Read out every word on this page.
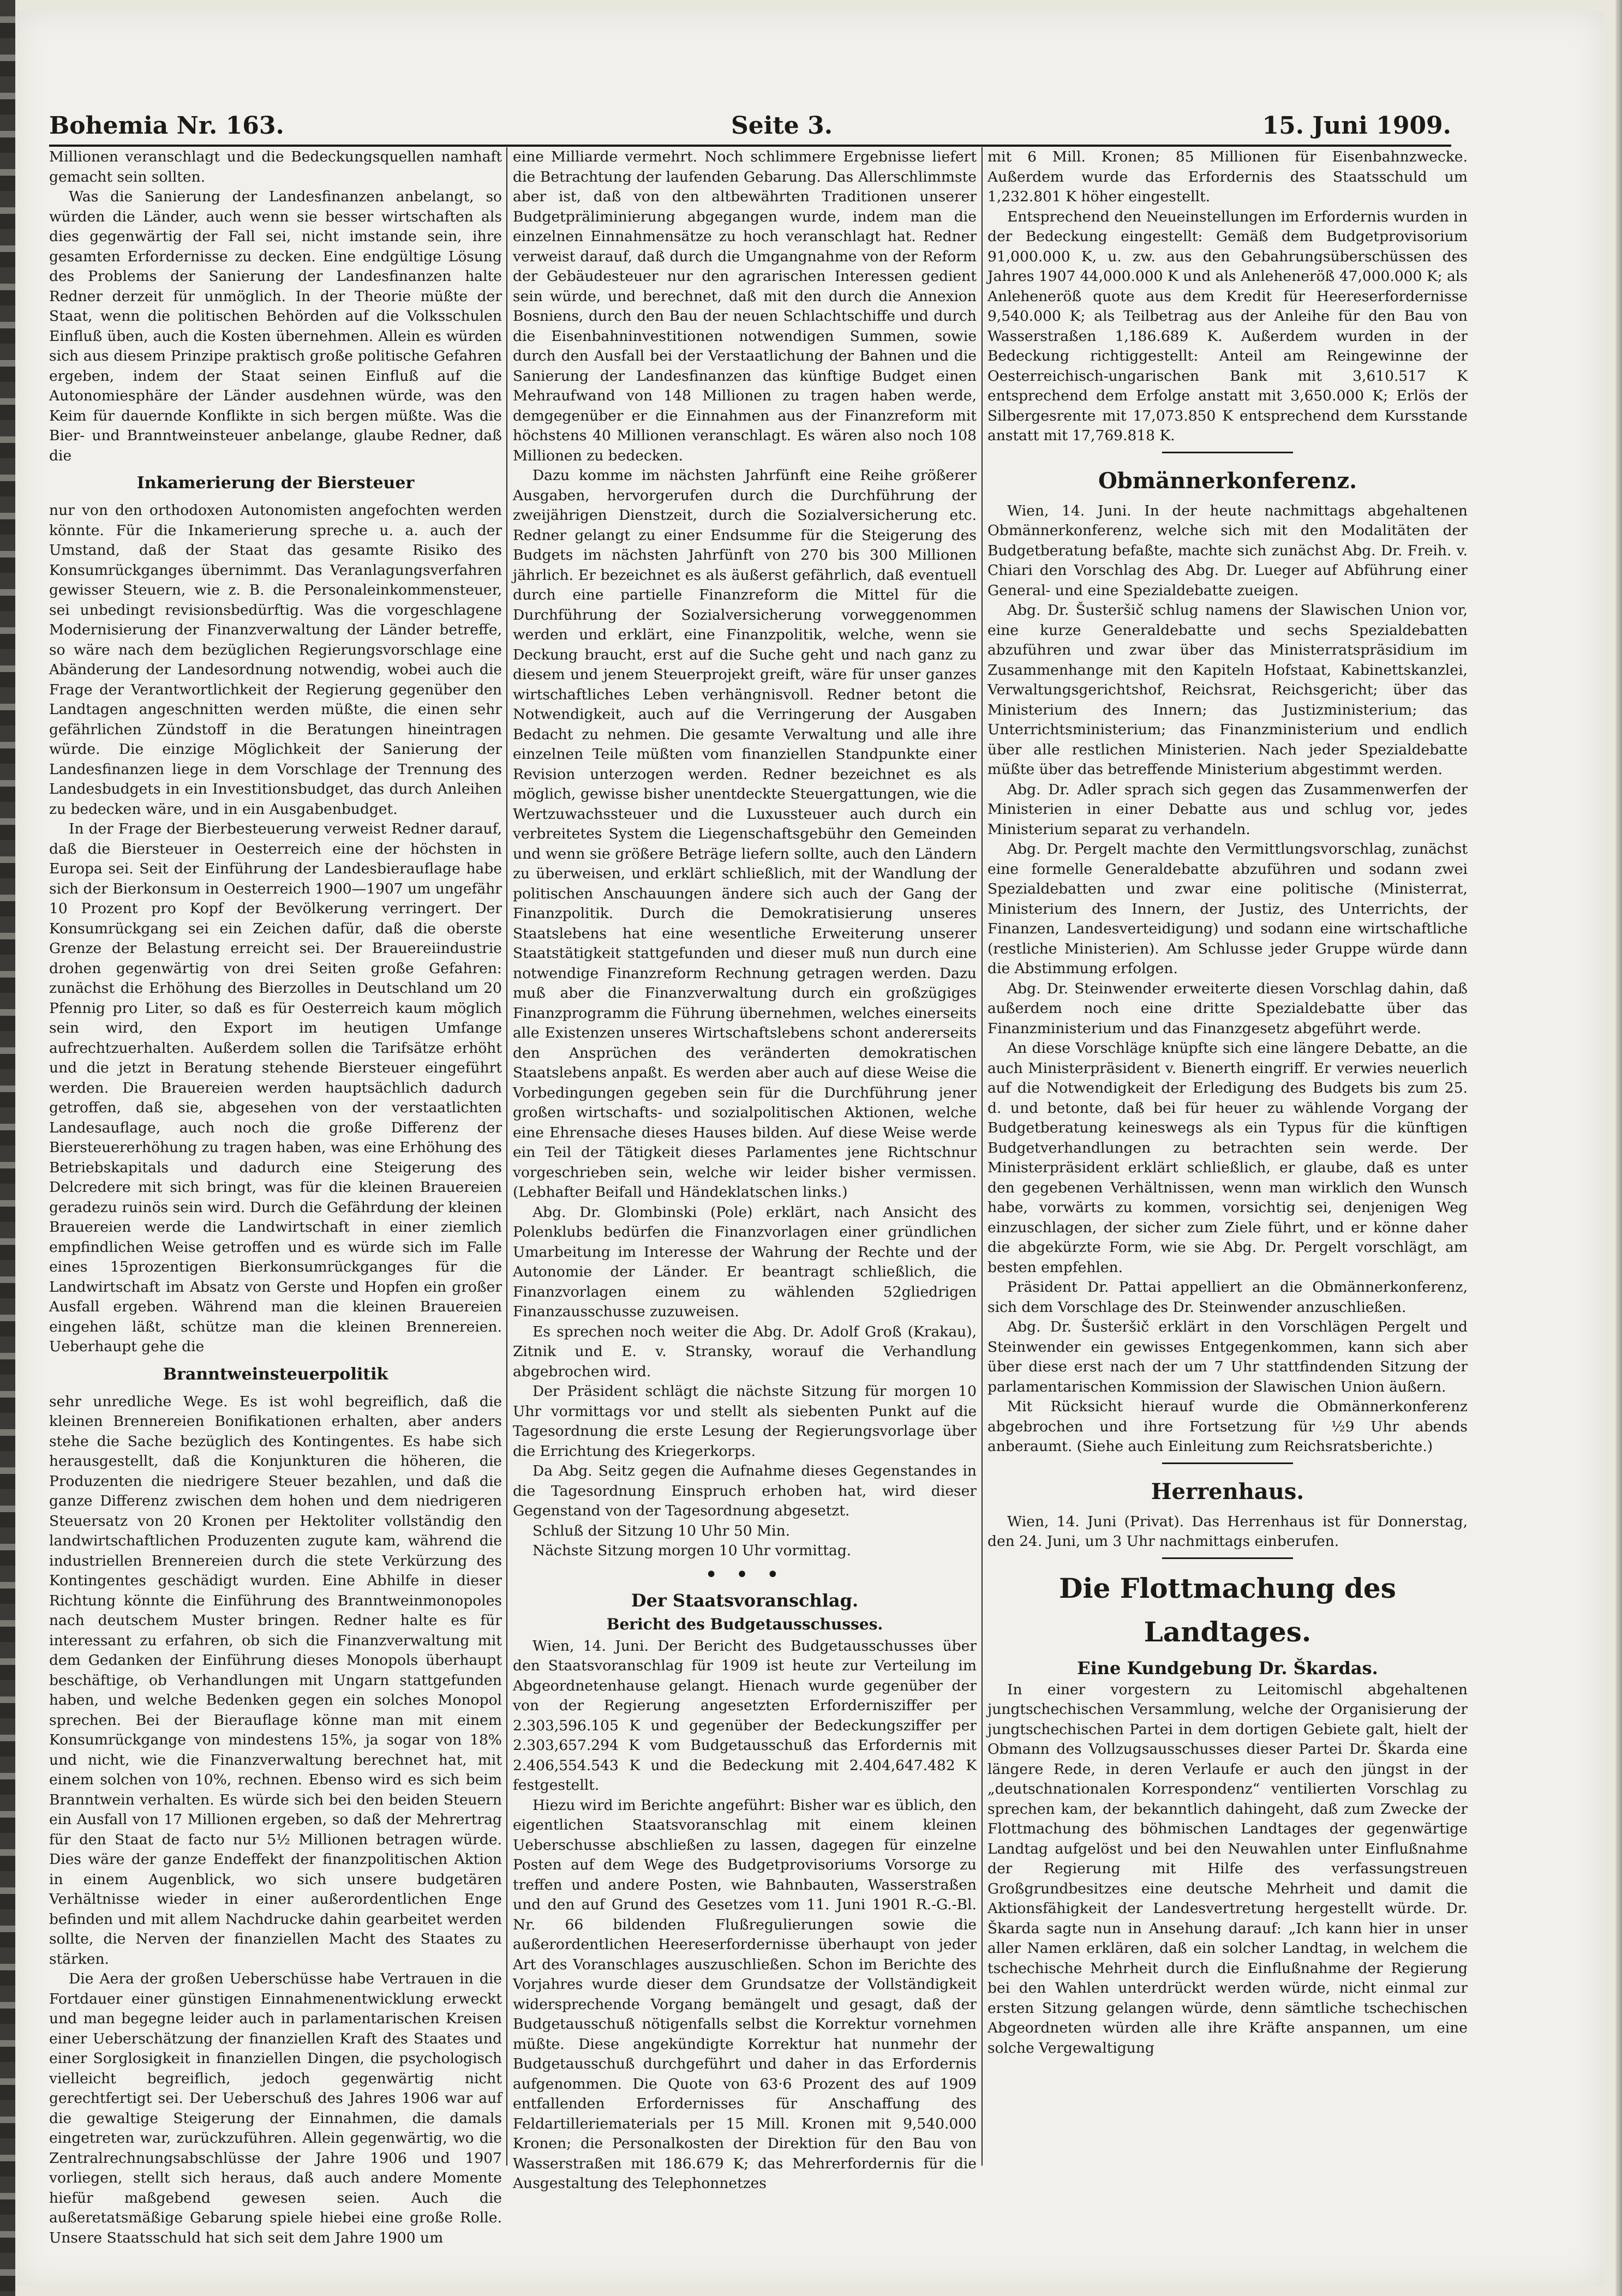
Bohemia Nr. 163.	Seite 3.	15. Juni 1909.

Millionen veranschlagt und die Bedeckungsquellen namhaft gemacht sein sollten.

Was die Sanierung der Landesfinanzen anbelangt, so würden die Länder, auch wenn sie besser wirtschaften als dies gegenwärtig der Fall sei, nicht imstande sein, ihre gesamten Erfordernisse zu decken. Eine endgültige Lösung des Problems der Sanierung der Landesfinanzen halte Redner derzeit für unmöglich. In der Theorie müßte der Staat, wenn die politischen Behörden auf die Volksschulen Einfluß üben, auch die Kosten übernehmen. Allein es würden sich aus diesem Prinzipe praktisch große politische Gefahren ergeben, indem der Staat seinen Einfluß auf die Autonomiesphäre der Länder ausdehnen würde, was den Keim für dauernde Konflikte in sich bergen müßte. Was die Bier- und Branntweinsteuer anbelange, glaube Redner, daß die

Inkamerierung der Biersteuer

nur von den orthodoxen Autonomisten angefochten werden könnte. Für die Inkamerierung spreche u. a. auch der Umstand, daß der Staat das gesamte Risiko des Konsumrückganges übernimmt. Das Veranlagungsverfahren gewisser Steuern, wie z. B. die Personaleinkommensteuer, sei unbedingt revisionsbedürftig. Was die vorgeschlagene Modernisierung der Finanzverwaltung der Länder betreffe, so wäre nach dem bezüglichen Regierungsvorschlage eine Abänderung der Landesordnung notwendig, wobei auch die Frage der Verantwortlichkeit der Regierung gegenüber den Landtagen angeschnitten werden müßte, die einen sehr gefährlichen Zündstoff in die Beratungen hineintragen würde. Die einzige Möglichkeit der Sanierung der Landesfinanzen liege in dem Vorschlage der Trennung des Landesbudgets in ein Investitionsbudget, das durch Anleihen zu bedecken wäre, und in ein Ausgabenbudget.

In der Frage der Bierbesteuerung verweist Redner darauf, daß die Biersteuer in Oesterreich eine der höchsten in Europa sei. Seit der Einführung der Landesbierauflage habe sich der Bierkonsum in Oesterreich 1900—1907 um ungefähr 10 Prozent pro Kopf der Bevölkerung verringert. Der Konsumrückgang sei ein Zeichen dafür, daß die oberste Grenze der Belastung erreicht sei. Der Brauereiindustrie drohen gegenwärtig von drei Seiten große Gefahren: zunächst die Erhöhung des Bierzolles in Deutschland um 20 Pfennig pro Liter, so daß es für Oesterreich kaum möglich sein wird, den Export im heutigen Umfange aufrechtzuerhalten. Außerdem sollen die Tarifsätze erhöht und die jetzt in Beratung stehende Biersteuer eingeführt werden. Die Brauereien werden hauptsächlich dadurch getroffen, daß sie, abgesehen von der verstaatlichten Landesauflage, auch noch die große Differenz der Biersteuererhöhung zu tragen haben, was eine Erhöhung des Betriebskapitals und dadurch eine Steigerung des Delcredere mit sich bringt, was für die kleinen Brauereien geradezu ruinös sein wird. Durch die Gefährdung der kleinen Brauereien werde die Landwirtschaft in einer ziemlich empfindlichen Weise getroffen und es würde sich im Falle eines 15prozentigen Bierkonsumrückganges für die Landwirtschaft im Absatz von Gerste und Hopfen ein großer Ausfall ergeben. Während man die kleinen Brauereien eingehen läßt, schütze man die kleinen Brennereien. Ueberhaupt gehe die

Branntweinsteuerpolitik

sehr unredliche Wege. Es ist wohl begreiflich, daß die kleinen Brennereien Bonifikationen erhalten, aber anders stehe die Sache bezüglich des Kontingentes. Es habe sich herausgestellt, daß die Konjunkturen die höheren, die Produzenten die niedrigere Steuer bezahlen, und daß die ganze Differenz zwischen dem hohen und dem niedrigeren Steuersatz von 20 Kronen per Hektoliter vollständig den landwirtschaftlichen Produzenten zugute kam, während die industriellen Brennereien durch die stete Verkürzung des Kontingentes geschädigt wurden. Eine Abhilfe in dieser Richtung könnte die Einführung des Branntweinmonopoles nach deutschem Muster bringen. Redner halte es für interessant zu erfahren, ob sich die Finanzverwaltung mit dem Gedanken der Einführung dieses Monopols überhaupt beschäftige, ob Verhandlungen mit Ungarn stattgefunden haben, und welche Bedenken gegen ein solches Monopol sprechen. Bei der Bierauflage könne man mit einem Konsumrückgange von mindestens 15%, ja sogar von 18% und nicht, wie die Finanzverwaltung berechnet hat, mit einem solchen von 10%, rechnen. Ebenso wird es sich beim Branntwein verhalten. Es würde sich bei den beiden Steuern ein Ausfall von 17 Millionen ergeben, so daß der Mehrertrag für den Staat de facto nur 5½ Millionen betragen würde. Dies wäre der ganze Endeffekt der finanzpolitischen Aktion in einem Augenblick, wo sich unsere budgetären Verhältnisse wieder in einer außerordentlichen Enge befinden und mit allem Nachdrucke dahin gearbeitet werden sollte, die Nerven der finanziellen Macht des Staates zu stärken.

Die Aera der großen Ueberschüsse habe Vertrauen in die Fortdauer einer günstigen Einnahmenentwicklung erweckt und man begegne leider auch in parlamentarischen Kreisen einer Ueberschätzung der finanziellen Kraft des Staates und einer Sorglosigkeit in finanziellen Dingen, die psychologisch vielleicht begreiflich, jedoch gegenwärtig nicht gerechtfertigt sei. Der Ueberschuß des Jahres 1906 war auf die gewaltige Steigerung der Einnahmen, die damals eingetreten war, zurückzuführen. Allein gegenwärtig, wo die Zentralrechnungsabschlüsse der Jahre 1906 und 1907 vorliegen, stellt sich heraus, daß auch andere Momente hiefür maßgebend gewesen seien. Auch die außeretatsmäßige Gebarung spiele hiebei eine große Rolle. Unsere Staatsschuld hat sich seit dem Jahre 1900 um

eine Milliarde vermehrt. Noch schlimmere Ergebnisse liefert die Betrachtung der laufenden Gebarung. Das Allerschlimmste aber ist, daß von den altbewährten Traditionen unserer Budgetpräliminierung abgegangen wurde, indem man die einzelnen Einnahmensätze zu hoch veranschlagt hat. Redner verweist darauf, daß durch die Umgangnahme von der Reform der Gebäudesteuer nur den agrarischen Interessen gedient sein würde, und berechnet, daß mit den durch die Annexion Bosniens, durch den Bau der neuen Schlachtschiffe und durch die Eisenbahninvestitionen notwendigen Summen, sowie durch den Ausfall bei der Verstaatlichung der Bahnen und die Sanierung der Landesfinanzen das künftige Budget einen Mehraufwand von 148 Millionen zu tragen haben werde, demgegenüber er die Einnahmen aus der Finanzreform mit höchstens 40 Millionen veranschlagt. Es wären also noch 108 Millionen zu bedecken.

Dazu komme im nächsten Jahrfünft eine Reihe größerer Ausgaben, hervorgerufen durch die Durchführung der zweijährigen Dienstzeit, durch die Sozialversicherung etc. Redner gelangt zu einer Endsumme für die Steigerung des Budgets im nächsten Jahrfünft von 270 bis 300 Millionen jährlich. Er bezeichnet es als äußerst gefährlich, daß eventuell durch eine partielle Finanzreform die Mittel für die Durchführung der Sozialversicherung vorweggenommen werden und erklärt, eine Finanzpolitik, welche, wenn sie Deckung braucht, erst auf die Suche geht und nach ganz zu diesem und jenem Steuerprojekt greift, wäre für unser ganzes wirtschaftliches Leben verhängnisvoll. Redner betont die Notwendigkeit, auch auf die Verringerung der Ausgaben Bedacht zu nehmen. Die gesamte Verwaltung und alle ihre einzelnen Teile müßten vom finanziellen Standpunkte einer Revision unterzogen werden. Redner bezeichnet es als möglich, gewisse bisher unentdeckte Steuergattungen, wie die Wertzuwachssteuer und die Luxussteuer auch durch ein verbreitetes System die Liegenschaftsgebühr den Gemeinden und wenn sie größere Beträge liefern sollte, auch den Ländern zu überweisen, und erklärt schließlich, mit der Wandlung der politischen Anschauungen ändere sich auch der Gang der Finanzpolitik. Durch die Demokratisierung unseres Staatslebens hat eine wesentliche Erweiterung unserer Staatstätigkeit stattgefunden und dieser muß nun durch eine notwendige Finanzreform Rechnung getragen werden. Dazu muß aber die Finanzverwaltung durch ein großzügiges Finanzprogramm die Führung übernehmen, welches einerseits alle Existenzen unseres Wirtschaftslebens schont andererseits den Ansprüchen des veränderten demokratischen Staatslebens anpaßt. Es werden aber auch auf diese Weise die Vorbedingungen gegeben sein für die Durchführung jener großen wirtschafts- und sozialpolitischen Aktionen, welche eine Ehrensache dieses Hauses bilden. Auf diese Weise werde ein Teil der Tätigkeit dieses Parlamentes jene Richtschnur vorgeschrieben sein, welche wir leider bisher vermissen. (Lebhafter Beifall und Händeklatschen links.)

Abg. Dr. Glombinski (Pole) erklärt, nach Ansicht des Polenklubs bedürfen die Finanzvorlagen einer gründlichen Umarbeitung im Interesse der Wahrung der Rechte und der Autonomie der Länder. Er beantragt schließlich, die Finanzvorlagen einem zu wählenden 52gliedrigen Finanzausschusse zuzuweisen.

Es sprechen noch weiter die Abg. Dr. Adolf Groß (Krakau), Zitnik und E. v. Stransky, worauf die Verhandlung abgebrochen wird.

Der Präsident schlägt die nächste Sitzung für morgen 10 Uhr vormittags vor und stellt als siebenten Punkt auf die Tagesordnung die erste Lesung der Regierungsvorlage über die Errichtung des Kriegerkorps.

Da Abg. Seitz gegen die Aufnahme dieses Gegenstandes in die Tagesordnung Einspruch erhoben hat, wird dieser Gegenstand von der Tagesordnung abgesetzt.

Schluß der Sitzung 10 Uhr 50 Min.

Nächste Sitzung morgen 10 Uhr vormittag.

• • •
Der Staatsvoranschlag.
Bericht des Budgetausschusses.

Wien, 14. Juni. Der Bericht des Budgetausschusses über den Staatsvoranschlag für 1909 ist heute zur Verteilung im Abgeordnetenhause gelangt. Hienach wurde gegenüber der von der Regierung angesetzten Erfordernisziffer per 2.303,596.105 K und gegenüber der Bedeckungsziffer per 2.303,657.294 K vom Budgetausschuß das Erfordernis mit 2.406,554.543 K und die Bedeckung mit 2.404,647.482 K festgestellt.

Hiezu wird im Berichte angeführt: Bisher war es üblich, den eigentlichen Staatsvoranschlag mit einem kleinen Ueberschusse abschließen zu lassen, dagegen für einzelne Posten auf dem Wege des Budgetprovisoriums Vorsorge zu treffen und andere Posten, wie Bahnbauten, Wasserstraßen und den auf Grund des Gesetzes vom 11. Juni 1901 R.-G.-Bl. Nr. 66 bildenden Flußregulierungen sowie die außerordentlichen Heereserfordernisse überhaupt von jeder Art des Voranschlages auszuschließen. Schon im Berichte des Vorjahres wurde dieser dem Grundsatze der Vollständigkeit widersprechende Vorgang bemängelt und gesagt, daß der Budgetausschuß nötigenfalls selbst die Korrektur vornehmen müßte. Diese angekündigte Korrektur hat nunmehr der Budgetausschuß durchgeführt und daher in das Erfordernis aufgenommen. Die Quote von 63·6 Prozent des auf 1909 entfallenden Erfordernisses für Anschaffung des Feldartilleriematerials per 15 Mill. Kronen mit 9,540.000 Kronen; die Personalkosten der Direktion für den Bau von Wasserstraßen mit 186.679 K; das Mehrerfordernis für die Ausgestaltung des Telephonnetzes

mit 6 Mill. Kronen; 85 Millionen für Eisenbahnzwecke. Außerdem wurde das Erfordernis des Staatsschuld um 1,232.801 K höher eingestellt.

Entsprechend den Neueinstellungen im Erfordernis wurden in der Bedeckung eingestellt: Gemäß dem Budgetprovisorium 91,000.000 K, u. zw. aus den Gebahrungsüberschüssen des Jahres 1907 44,000.000 K und als Anleheneröß 47,000.000 K; als Anleheneröß quote aus dem Kredit für Heereserfordernisse 9,540.000 K; als Teilbetrag aus der Anleihe für den Bau von Wasserstraßen 1,186.689 K. Außerdem wurden in der Bedeckung richtiggestellt: Anteil am Reingewinne der Oesterreichisch-ungarischen Bank mit 3,610.517 K entsprechend dem Erfolge anstatt mit 3,650.000 K; Erlös der Silbergesrente mit 17,073.850 K entsprechend dem Kursstande anstatt mit 17,769.818 K.

Obmännerkonferenz.

Wien, 14. Juni. In der heute nachmittags abgehaltenen Obmännerkonferenz, welche sich mit den Modalitäten der Budgetberatung befaßte, machte sich zunächst Abg. Dr. Freih. v. Chiari den Vorschlag des Abg. Dr. Lueger auf Abführung einer General- und eine Spezialdebatte zueigen.

Abg. Dr. Šusteršič schlug namens der Slawischen Union vor, eine kurze Generaldebatte und sechs Spezialdebatten abzuführen und zwar über das Ministerratspräsidium im Zusammenhange mit den Kapiteln Hofstaat, Kabinettskanzlei, Verwaltungsgerichtshof, Reichsrat, Reichsgericht; über das Ministerium des Innern; das Justizministerium; das Unterrichtsministerium; das Finanzministerium und endlich über alle restlichen Ministerien. Nach jeder Spezialdebatte müßte über das betreffende Ministerium abgestimmt werden.

Abg. Dr. Adler sprach sich gegen das Zusammenwerfen der Ministerien in einer Debatte aus und schlug vor, jedes Ministerium separat zu verhandeln.

Abg. Dr. Pergelt machte den Vermittlungsvorschlag, zunächst eine formelle Generaldebatte abzuführen und sodann zwei Spezialdebatten und zwar eine politische (Ministerrat, Ministerium des Innern, der Justiz, des Unterrichts, der Finanzen, Landesverteidigung) und sodann eine wirtschaftliche (restliche Ministerien). Am Schlusse jeder Gruppe würde dann die Abstimmung erfolgen.

Abg. Dr. Steinwender erweiterte diesen Vorschlag dahin, daß außerdem noch eine dritte Spezialdebatte über das Finanzministerium und das Finanzgesetz abgeführt werde.

An diese Vorschläge knüpfte sich eine längere Debatte, an die auch Ministerpräsident v. Bienerth eingriff. Er verwies neuerlich auf die Notwendigkeit der Erledigung des Budgets bis zum 25. d. und betonte, daß bei für heuer zu wählende Vorgang der Budgetberatung keineswegs als ein Typus für die künftigen Budgetverhandlungen zu betrachten sein werde. Der Ministerpräsident erklärt schließlich, er glaube, daß es unter den gegebenen Verhältnissen, wenn man wirklich den Wunsch habe, vorwärts zu kommen, vorsichtig sei, denjenigen Weg einzuschlagen, der sicher zum Ziele führt, und er könne daher die abgekürzte Form, wie sie Abg. Dr. Pergelt vorschlägt, am besten empfehlen.

Präsident Dr. Pattai appelliert an die Obmännerkonferenz, sich dem Vorschlage des Dr. Steinwender anzuschließen.

Abg. Dr. Šusteršič erklärt in den Vorschlägen Pergelt und Steinwender ein gewisses Entgegenkommen, kann sich aber über diese erst nach der um 7 Uhr stattfindenden Sitzung der parlamentarischen Kommission der Slawischen Union äußern.

Mit Rücksicht hierauf wurde die Obmännerkonferenz abgebrochen und ihre Fortsetzung für ½9 Uhr abends anberaumt. (Siehe auch Einleitung zum Reichsratsberichte.)

Herrenhaus.

Wien, 14. Juni (Privat). Das Herrenhaus ist für Donnerstag, den 24. Juni, um 3 Uhr nachmittags einberufen.

Die Flottmachung des Landtages.
Eine Kundgebung Dr. Škardas.

In einer vorgestern zu Leitomischl abgehaltenen jungtschechischen Versammlung, welche der Organisierung der jungtschechischen Partei in dem dortigen Gebiete galt, hielt der Obmann des Vollzugsausschusses dieser Partei Dr. Škarda eine längere Rede, in deren Verlaufe er auch den jüngst in der „deutschnationalen Korrespondenz“ ventilierten Vorschlag zu sprechen kam, der bekanntlich dahingeht, daß zum Zwecke der Flottmachung des böhmischen Landtages der gegenwärtige Landtag aufgelöst und bei den Neuwahlen unter Einflußnahme der Regierung mit Hilfe des verfassungstreuen Großgrundbesitzes eine deutsche Mehrheit und damit die Aktionsfähigkeit der Landesvertretung hergestellt würde. Dr. Škarda sagte nun in Ansehung darauf: „Ich kann hier in unser aller Namen erklären, daß ein solcher Landtag, in welchem die tschechische Mehrheit durch die Einflußnahme der Regierung bei den Wahlen unterdrückt werden würde, nicht einmal zur ersten Sitzung gelangen würde, denn sämtliche tschechischen Abgeordneten würden alle ihre Kräfte anspannen, um eine solche Vergewaltigung
